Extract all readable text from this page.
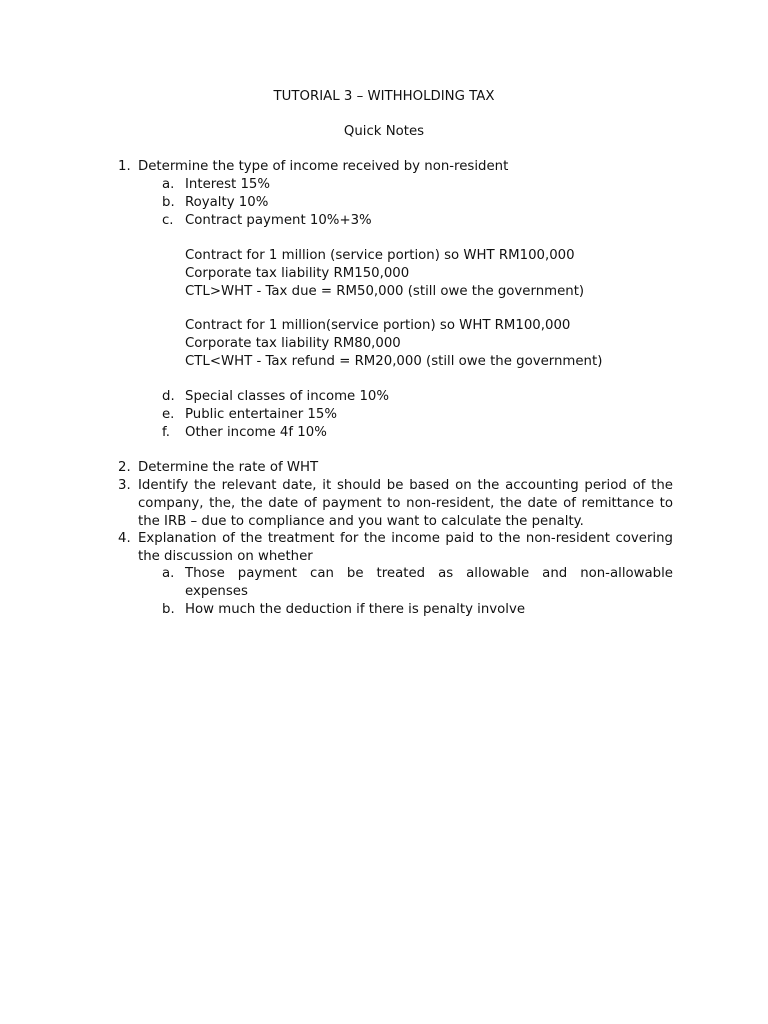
TUTORIAL 3 – WITHHOLDING TAX
Quick Notes
1. Determine the type of income received by non-resident
a. Interest 15%
b. Royalty 10%
c. Contract payment 10%+3%
Contract for 1 million (service portion) so WHT RM100,000
Corporate tax liability RM150,000
CTL>WHT - Tax due = RM50,000 (still owe the government)
Contract for 1 million(service portion) so WHT RM100,000
Corporate tax liability RM80,000
CTL<WHT - Tax refund = RM20,000 (still owe the government)
d. Special classes of income 10%
e. Public entertainer 15%
f. Other income 4f 10%
2. Determine the rate of WHT
3. Identify the relevant date, it should be based on the accounting period of the
company, the, the date of payment to non-resident, the date of remittance to
the IRB – due to compliance and you want to calculate the penalty.
4. Explanation of the treatment for the income paid to the non-resident covering
the discussion on whether
a. Those payment can be treated as allowable and non-allowable
expenses
b. How much the deduction if there is penalty involve
